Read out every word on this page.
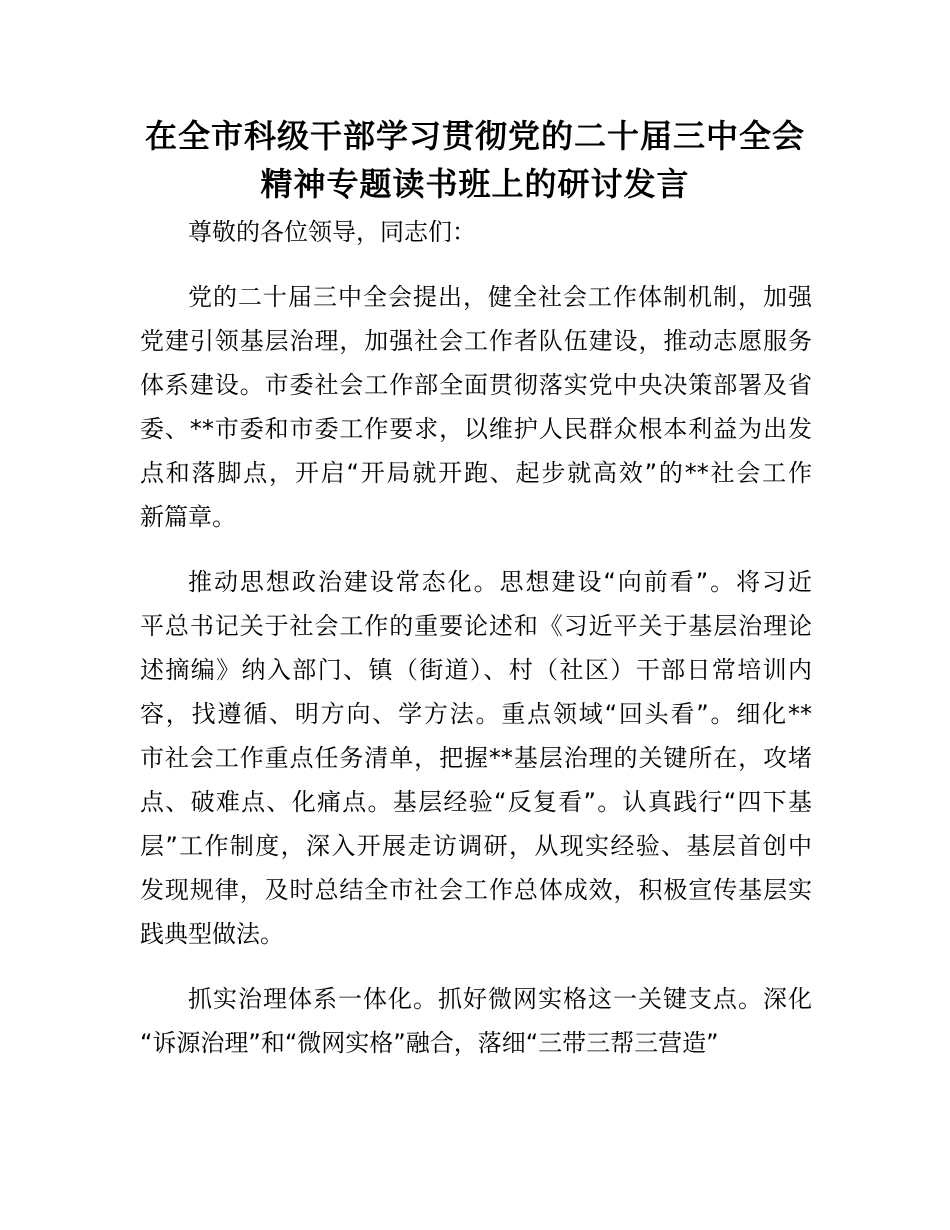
在全市科级干部学习贯彻党的二十届三中全会
精神专题读书班上的研讨发言

尊敬的各位领导，同志们：

党的二十届三中全会提出，健全社会工作体制机制，加强
党建引领基层治理，加强社会工作者队伍建设，推动志愿服务
体系建设。市委社会工作部全面贯彻落实党中央决策部署及省
委、**市委和市委工作要求，以维护人民群众根本利益为出发
点和落脚点，开启“开局就开跑、起步就高效”的**社会工作
新篇章。
推动思想政治建设常态化。思想建设“向前看”。将习近
平总书记关于社会工作的重要论述和《习近平关于基层治理论
述摘编》纳入部门、镇（街道）、村（社区）干部日常培训内
容，找遵循、明方向、学方法。重点领域“回头看”。细化**
市社会工作重点任务清单，把握**基层治理的关键所在，攻堵
点、破难点、化痛点。基层经验“反复看”。认真践行“四下基
层”工作制度，深入开展走访调研，从现实经验、基层首创中
发现规律，及时总结全市社会工作总体成效，积极宣传基层实
践典型做法。
抓实治理体系一体化。抓好微网实格这一关键支点。深化
“诉源治理”和“微网实格”融合，落细“三带三帮三营造”
